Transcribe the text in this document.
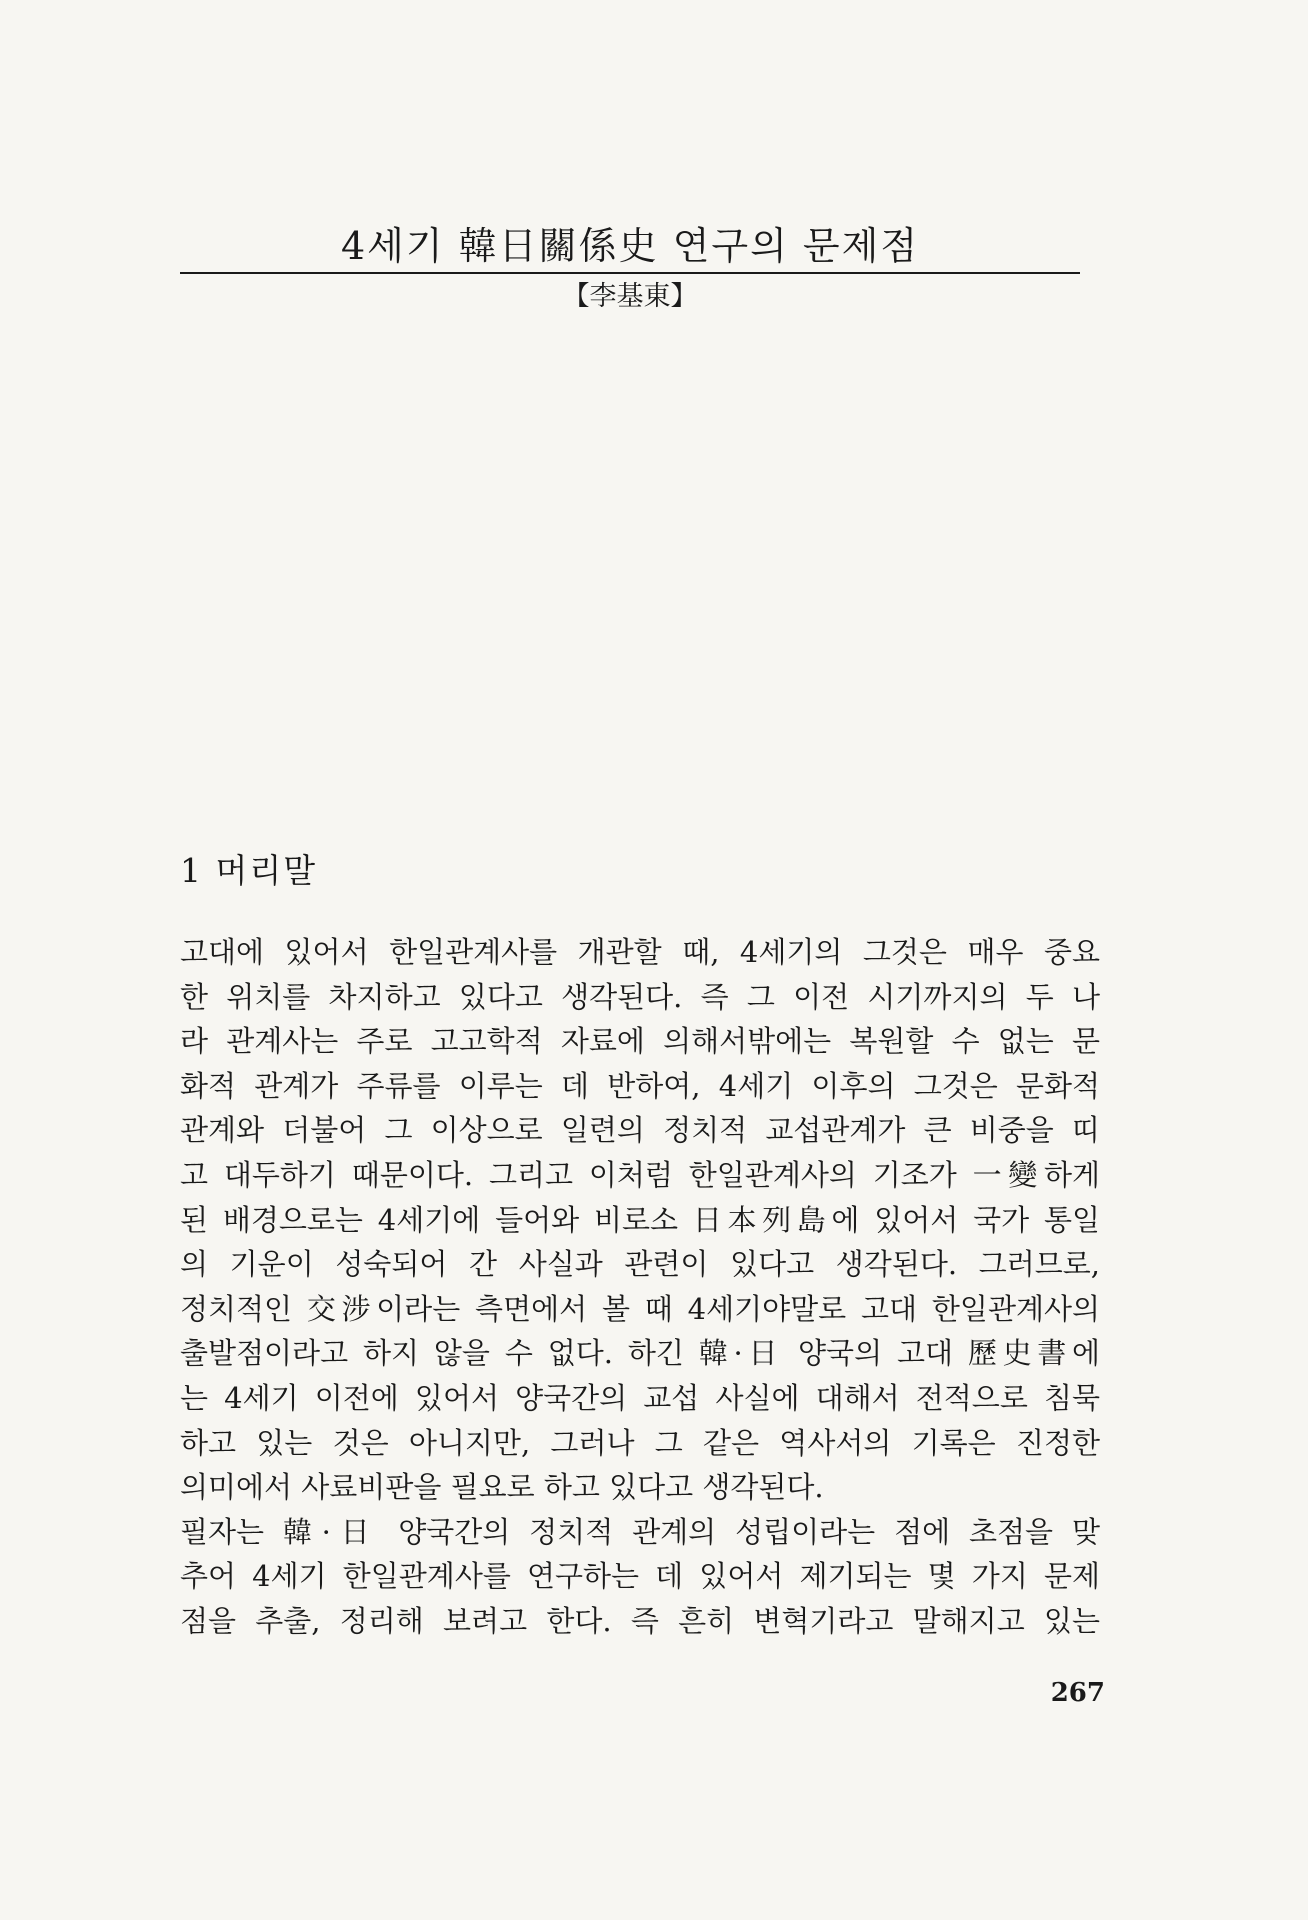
4세기 韓日關係史 연구의 문제점
【李基東】
1 머리말
고대에 있어서 한일관계사를 개관할 때, 4세기의 그것은 매우 중요
한 위치를 차지하고 있다고 생각된다. 즉 그 이전 시기까지의 두 나
라 관계사는 주로 고고학적 자료에 의해서밖에는 복원할 수 없는 문
화적 관계가 주류를 이루는 데 반하여, 4세기 이후의 그것은 문화적
관계와 더불어 그 이상으로 일련의 정치적 교섭관계가 큰 비중을 띠
고 대두하기 때문이다. 그리고 이처럼 한일관계사의 기조가 一變하게
된 배경으로는 4세기에 들어와 비로소 日本列島에 있어서 국가 통일
의 기운이 성숙되어 간 사실과 관련이 있다고 생각된다. 그러므로,
정치적인 交涉이라는 측면에서 볼 때 4세기야말로 고대 한일관계사의
출발점이라고 하지 않을 수 없다. 하긴 韓·日 양국의 고대 歷史書에
는 4세기 이전에 있어서 양국간의 교섭 사실에 대해서 전적으로 침묵
하고 있는 것은 아니지만, 그러나 그 같은 역사서의 기록은 진정한
의미에서 사료비판을 필요로 하고 있다고 생각된다.
필자는 韓·日 양국간의 정치적 관계의 성립이라는 점에 초점을 맞
추어 4세기 한일관계사를 연구하는 데 있어서 제기되는 몇 가지 문제
점을 추출, 정리해 보려고 한다. 즉 흔히 변혁기라고 말해지고 있는
267
